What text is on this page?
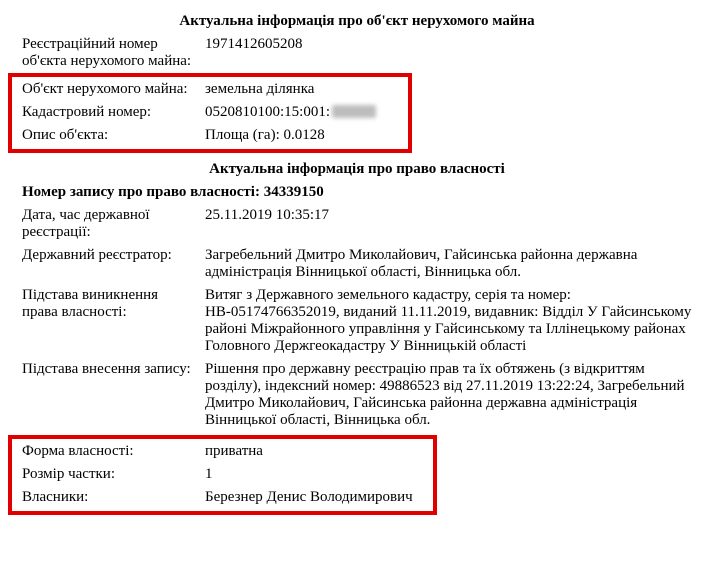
Актуальна інформація про об'єкт нерухомого майна
Реєстраційний номер об'єкта нерухомого майна:
1971412605208
Об'єкт нерухомого майна:	земельна ділянка
Кадастровий номер:	0520810100:15:001:
Опис об'єкта:	Площа (га): 0.0128
Актуальна інформація про право власності
Номер запису про право власності: 34339150
Дата, час державної реєстрації:
25.11.2019 10:35:17
Державний реєстратор:	Загребельний Дмитро Миколайович, Гайсинська районна державна адміністрація Вінницької області, Вінницька обл.
Підстава виникнення права власності:
Витяг з Державного земельного кадастру, серія та номер: НВ-05174766352019, виданий 11.11.2019, видавник: Відділ У Гайсинському районі Міжрайонного управління у Гайсинському та Іллінецькому районах Головного Держгеокадастру У Вінницькій області
Підстава внесення запису: Рішення про державну реєстрацію прав та їх обтяжень (з відкриттям розділу), індексний номер: 49886523 від 27.11.2019 13:22:24, Загребельний Дмитро Миколайович, Гайсинська районна державна адміністрація Вінницької області, Вінницька обл.
Форма власності:	приватна
Розмір частки:	1
Власники:	Березнер Денис Володимирович
